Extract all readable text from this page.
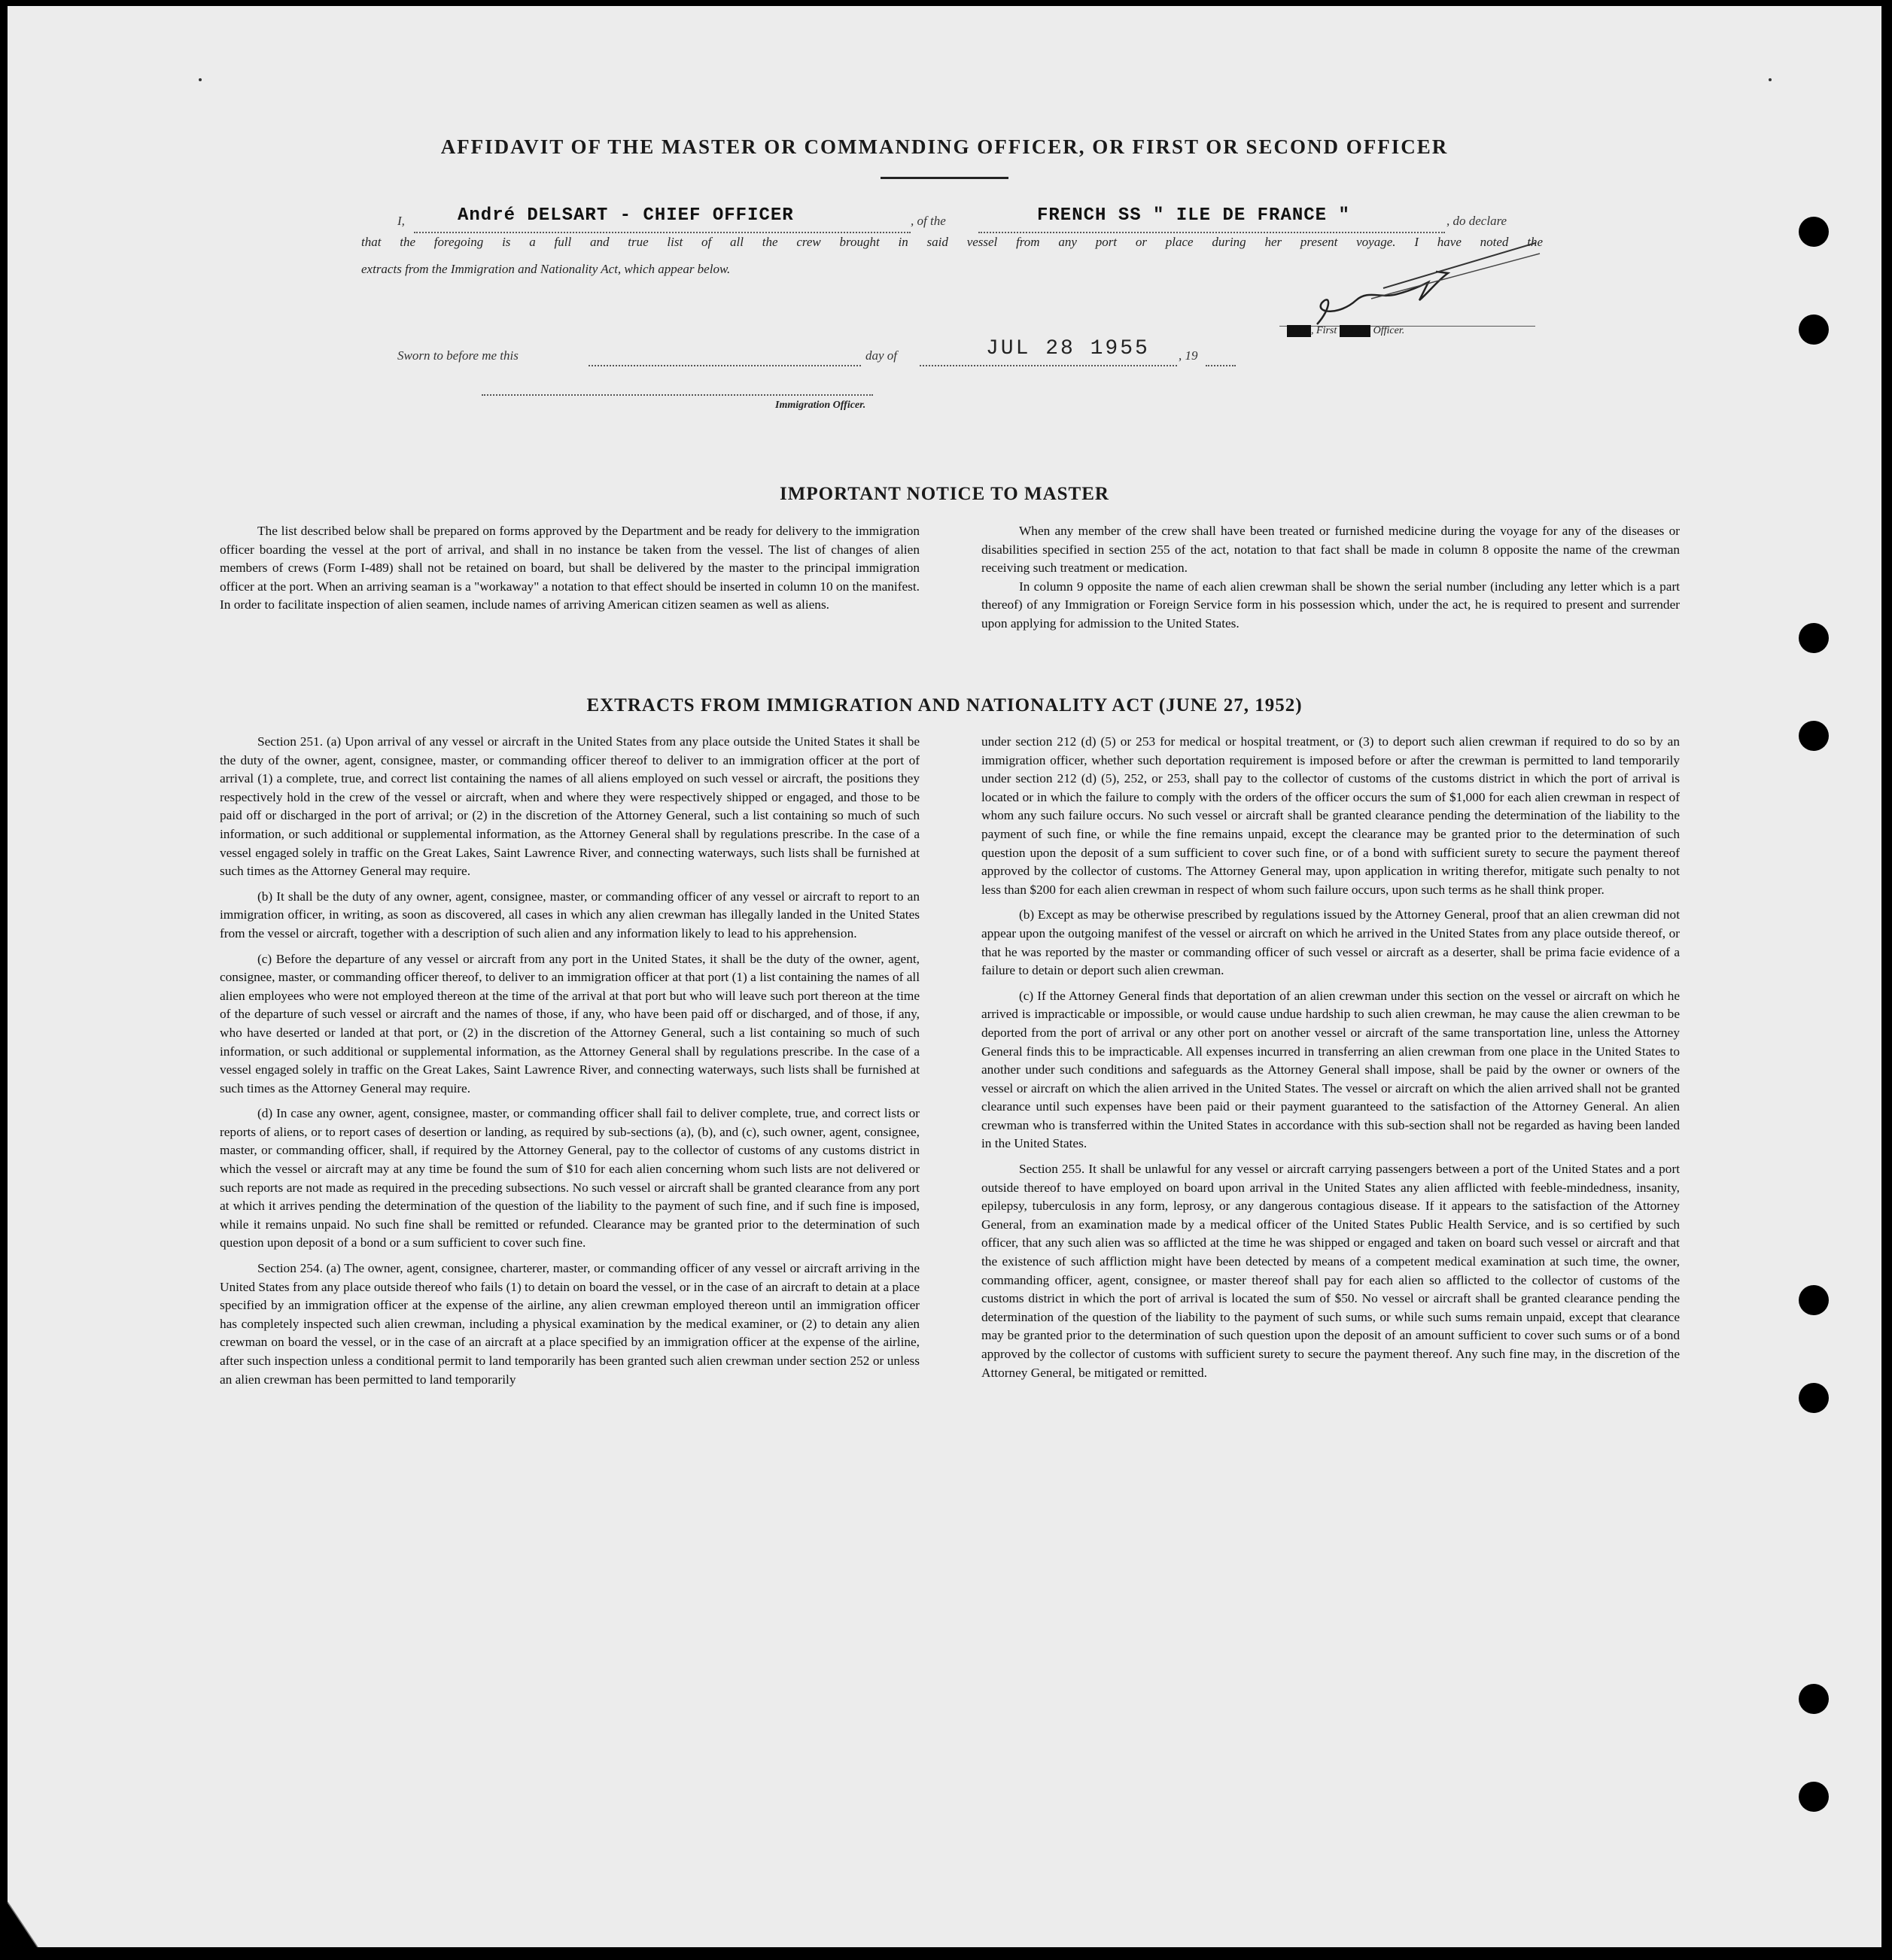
AFFIDAVIT OF THE MASTER OR COMMANDING OFFICER, OR FIRST OR SECOND OFFICER
I,	André DELSART - CHIEF OFFICER	, of the	FRENCH SS " ILE DE FRANCE "	, do declare
that the foregoing is a full and true list of all the crew brought in said vessel from any port or place during her present voyage. I have noted the
extracts from the Immigration and Nationality Act, which appear below.
XXX , First XXXX Officer.
Sworn to before me this	day of	JUL 28 1955 , 19
Immigration Officer.
IMPORTANT NOTICE TO MASTER

The list described below shall be prepared on forms approved by the Department and be ready for delivery to the immigration officer boarding the vessel at the port of arrival, and shall in no instance be taken from the vessel. The list of changes of alien members of crews (Form I-489) shall not be retained on board, but shall be delivered by the master to the principal immigration officer at the port. When an arriving seaman is a "workaway" a notation to that effect should be inserted in column 10 on the manifest. In order to facilitate inspection of alien seamen, include names of arriving American citizen seamen as well as aliens.

When any member of the crew shall have been treated or furnished medicine during the voyage for any of the diseases or disabilities specified in section 255 of the act, notation to that fact shall be made in column 8 opposite the name of the crewman receiving such treatment or medication.

In column 9 opposite the name of each alien crewman shall be shown the serial number (including any letter which is a part thereof) of any Immigration or Foreign Service form in his possession which, under the act, he is required to present and surrender upon applying for admission to the United States.

EXTRACTS FROM IMMIGRATION AND NATIONALITY ACT (JUNE 27, 1952)

Section 251. (a) Upon arrival of any vessel or aircraft in the United States from any place outside the United States it shall be the duty of the owner, agent, consignee, master, or commanding officer thereof to deliver to an immigration officer at the port of arrival (1) a complete, true, and correct list containing the names of all aliens employed on such vessel or aircraft, the positions they respectively hold in the crew of the vessel or aircraft, when and where they were respectively shipped or engaged, and those to be paid off or discharged in the port of arrival; or (2) in the discretion of the Attorney General, such a list containing so much of such information, or such additional or supplemental information, as the Attorney General shall by regulations prescribe. In the case of a vessel engaged solely in traffic on the Great Lakes, Saint Lawrence River, and connecting waterways, such lists shall be furnished at such times as the Attorney General may require.

(b) It shall be the duty of any owner, agent, consignee, master, or commanding officer of any vessel or aircraft to report to an immigration officer, in writing, as soon as discovered, all cases in which any alien crewman has illegally landed in the United States from the vessel or aircraft, together with a description of such alien and any information likely to lead to his apprehension.

(c) Before the departure of any vessel or aircraft from any port in the United States, it shall be the duty of the owner, agent, consignee, master, or commanding officer thereof, to deliver to an immigration officer at that port (1) a list containing the names of all alien employees who were not employed thereon at the time of the arrival at that port but who will leave such port thereon at the time of the departure of such vessel or aircraft and the names of those, if any, who have been paid off or discharged, and of those, if any, who have deserted or landed at that port, or (2) in the discretion of the Attorney General, such a list containing so much of such information, or such additional or supplemental information, as the Attorney General shall by regulations prescribe. In the case of a vessel engaged solely in traffic on the Great Lakes, Saint Lawrence River, and connecting waterways, such lists shall be furnished at such times as the Attorney General may require.

(d) In case any owner, agent, consignee, master, or commanding officer shall fail to deliver complete, true, and correct lists or reports of aliens, or to report cases of desertion or landing, as required by sub-sections (a), (b), and (c), such owner, agent, consignee, master, or commanding officer, shall, if required by the Attorney General, pay to the collector of customs of any customs district in which the vessel or aircraft may at any time be found the sum of $10 for each alien concerning whom such lists are not delivered or such reports are not made as required in the preceding subsections. No such vessel or aircraft shall be granted clearance from any port at which it arrives pending the determination of the question of the liability to the payment of such fine, and if such fine is imposed, while it remains unpaid. No such fine shall be remitted or refunded. Clearance may be granted prior to the determination of such question upon deposit of a bond or a sum sufficient to cover such fine.

Section 254. (a) The owner, agent, consignee, charterer, master, or commanding officer of any vessel or aircraft arriving in the United States from any place outside thereof who fails (1) to detain on board the vessel, or in the case of an aircraft to detain at a place specified by an immigration officer at the expense of the airline, any alien crewman employed thereon until an immigration officer has completely inspected such alien crewman, including a physical examination by the medical examiner, or (2) to detain any alien crewman on board the vessel, or in the case of an aircraft at a place specified by an immigration officer at the expense of the airline, after such inspection unless a conditional permit to land temporarily has been granted such alien crewman under section 252 or unless an alien crewman has been permitted to land temporarily

under section 212 (d) (5) or 253 for medical or hospital treatment, or (3) to deport such alien crewman if required to do so by an immigration officer, whether such deportation requirement is imposed before or after the crewman is permitted to land temporarily under section 212 (d) (5), 252, or 253, shall pay to the collector of customs of the customs district in which the port of arrival is located or in which the failure to comply with the orders of the officer occurs the sum of $1,000 for each alien crewman in respect of whom any such failure occurs. No such vessel or aircraft shall be granted clearance pending the determination of the liability to the payment of such fine, or while the fine remains unpaid, except the clearance may be granted prior to the determination of such question upon the deposit of a sum sufficient to cover such fine, or of a bond with sufficient surety to secure the payment thereof approved by the collector of customs. The Attorney General may, upon application in writing therefor, mitigate such penalty to not less than $200 for each alien crewman in respect of whom such failure occurs, upon such terms as he shall think proper.

(b) Except as may be otherwise prescribed by regulations issued by the Attorney General, proof that an alien crewman did not appear upon the outgoing manifest of the vessel or aircraft on which he arrived in the United States from any place outside thereof, or that he was reported by the master or commanding officer of such vessel or aircraft as a deserter, shall be prima facie evidence of a failure to detain or deport such alien crewman.

(c) If the Attorney General finds that deportation of an alien crewman under this section on the vessel or aircraft on which he arrived is impracticable or impossible, or would cause undue hardship to such alien crewman, he may cause the alien crewman to be deported from the port of arrival or any other port on another vessel or aircraft of the same transportation line, unless the Attorney General finds this to be impracticable. All expenses incurred in transferring an alien crewman from one place in the United States to another under such conditions and safeguards as the Attorney General shall impose, shall be paid by the owner or owners of the vessel or aircraft on which the alien arrived in the United States. The vessel or aircraft on which the alien arrived shall not be granted clearance until such expenses have been paid or their payment guaranteed to the satisfaction of the Attorney General. An alien crewman who is transferred within the United States in accordance with this sub-section shall not be regarded as having been landed in the United States.

Section 255. It shall be unlawful for any vessel or aircraft carrying passengers between a port of the United States and a port outside thereof to have employed on board upon arrival in the United States any alien afflicted with feeble-mindedness, insanity, epilepsy, tuberculosis in any form, leprosy, or any dangerous contagious disease. If it appears to the satisfaction of the Attorney General, from an examination made by a medical officer of the United States Public Health Service, and is so certified by such officer, that any such alien was so afflicted at the time he was shipped or engaged and taken on board such vessel or aircraft and that the existence of such affliction might have been detected by means of a competent medical examination at such time, the owner, commanding officer, agent, consignee, or master thereof shall pay for each alien so afflicted to the collector of customs of the customs district in which the port of arrival is located the sum of $50. No vessel or aircraft shall be granted clearance pending the determination of the question of the liability to the payment of such sums, or while such sums remain unpaid, except that clearance may be granted prior to the determination of such question upon the deposit of an amount sufficient to cover such sums or of a bond approved by the collector of customs with sufficient surety to secure the payment thereof. Any such fine may, in the discretion of the Attorney General, be mitigated or remitted.
